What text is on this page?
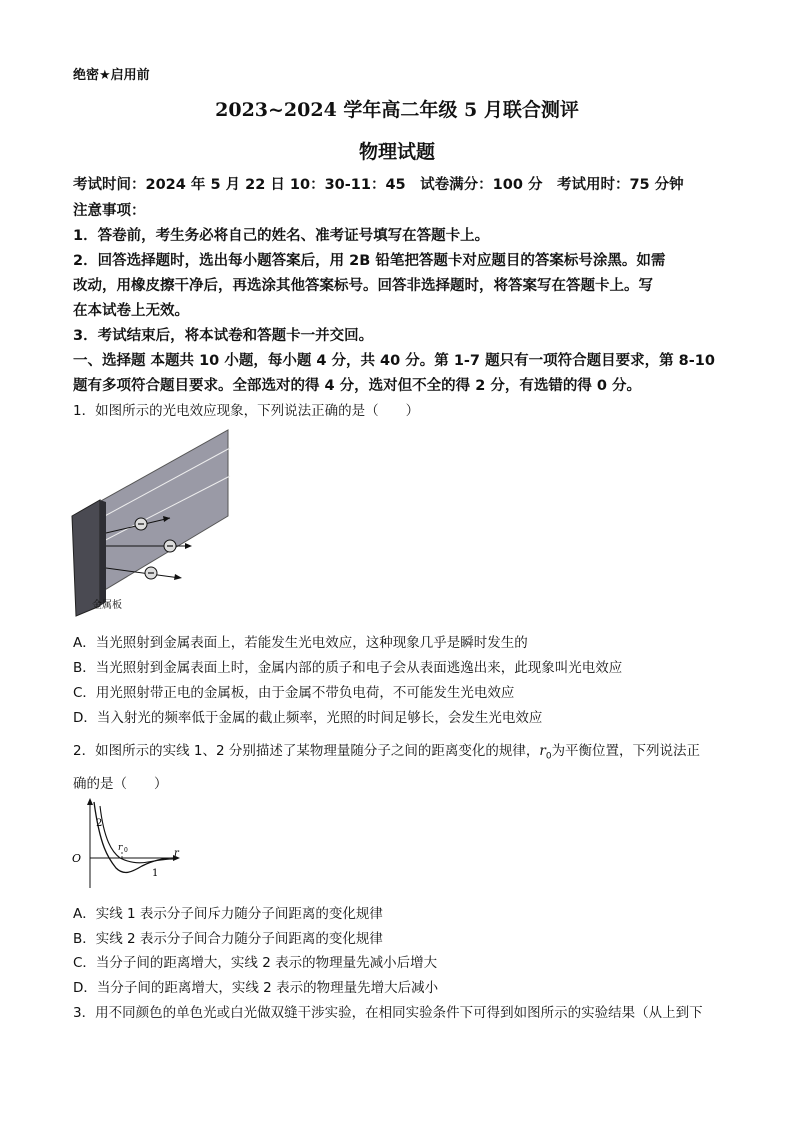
绝密★启用前
2023~2024 学年高二年级 5 月联合测评
物理试题
考试时间：2024 年 5 月 22 日 10：30-11：45　试卷满分：100 分　考试用时：75 分钟
注意事项：
1．答卷前，考生务必将自己的姓名、准考证号填写在答题卡上。
2．回答选择题时，选出每小题答案后，用 2B 铅笔把答题卡对应题目的答案标号涂黑。如需
改动，用橡皮擦干净后，再选涂其他答案标号。回答非选择题时，将答案写在答题卡上。写
在本试卷上无效。
3．考试结束后，将本试卷和答题卡一并交回。
一、选择题 本题共 10 小题，每小题 4 分，共 40 分。第 1-7 题只有一项符合题目要求，第 8-10
题有多项符合题目要求。全部选对的得 4 分，选对但不全的得 2 分，有选错的得 0 分。
1．如图所示的光电效应现象，下列说法正确的是（　　）
金属板
A．当光照射到金属表面上，若能发生光电效应，这种现象几乎是瞬时发生的
B．当光照射到金属表面上时，金属内部的质子和电子会从表面逃逸出来，此现象叫光电效应
C．用光照射带正电的金属板，由于金属不带负电荷，不可能发生光电效应
D．当入射光的频率低于金属的截止频率，光照的时间足够长，会发生光电效应
2．如图所示的实线 1、2 分别描述了某物理量随分子之间的距离变化的规律，$r_0$为平衡位置，下列说法正
确的是（　　）
O	r
2
1
r 0
A．实线 1 表示分子间斥力随分子间距离的变化规律
B．实线 2 表示分子间合力随分子间距离的变化规律
C．当分子间的距离增大，实线 2 表示的物理量先减小后增大
D．当分子间的距离增大，实线 2 表示的物理量先增大后减小
3．用不同颜色的单色光或白光做双缝干涉实验，在相同实验条件下可得到如图所示的实验结果（从上到下
